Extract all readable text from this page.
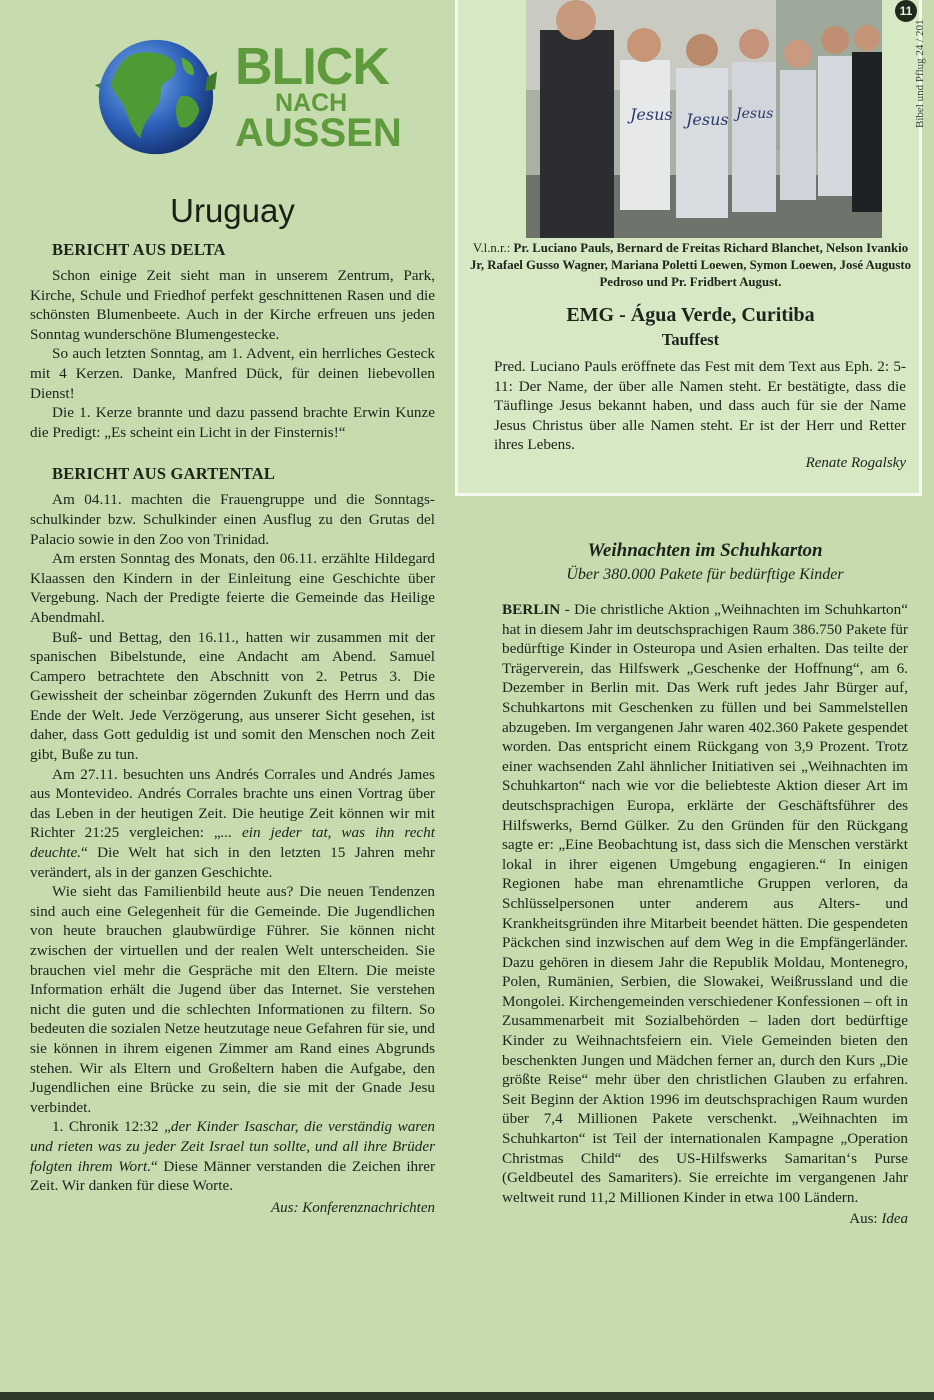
BLICK
NACH
AUSSEN
Uruguay
BERICHT AUS DELTA

Schon einige Zeit sieht man in unserem Zentrum, Park, Kirche, Schule und Friedhof perfekt geschnittenen Rasen und die schönsten Blumenbeete. Auch in der Kirche erfreuen uns jeden Sonntag wunderschöne Blumengestecke.

So auch letzten Sonntag, am 1. Advent, ein herrliches Gesteck mit 4 Kerzen. Danke, Manfred Dück, für deinen liebevollen Dienst!

Die 1. Kerze brannte und dazu passend brachte Erwin Kunze die Predigt: „Es scheint ein Licht in der Finsternis!“

BERICHT AUS GARTENTAL

Am 04.11. machten die Frauengruppe und die Sonntags-schulkinder bzw. Schulkinder einen Ausflug zu den Grutas del Palacio sowie in den Zoo von Trinidad.

Am ersten Sonntag des Monats, den 06.11. erzählte Hildegard Klaassen den Kindern in der Einleitung eine Geschichte über Vergebung. Nach der Predigte feierte die Gemeinde das Heilige Abendmahl.

Buß- und Bettag, den 16.11., hatten wir zusammen mit der spanischen Bibelstunde, eine Andacht am Abend. Samuel Campero betrachtete den Abschnitt von 2. Petrus 3. Die Gewissheit der scheinbar zögernden Zukunft des Herrn und das Ende der Welt. Jede Verzögerung, aus unserer Sicht gesehen, ist daher, dass Gott geduldig ist und somit den Menschen noch Zeit gibt, Buße zu tun.

Am 27.11. besuchten uns Andrés Corrales und Andrés James aus Montevideo. Andrés Corrales brachte uns einen Vortrag über das Leben in der heutigen Zeit. Die heutige Zeit können wir mit Richter 21:25 vergleichen: „... ein jeder tat, was ihn recht deuchte.“ Die Welt hat sich in den letzten 15 Jahren mehr verändert, als in der ganzen Geschichte.

Wie sieht das Familienbild heute aus? Die neuen Tendenzen sind auch eine Gelegenheit für die Gemeinde. Die Jugendlichen von heute brauchen glaubwürdige Führer. Sie können nicht zwischen der virtuellen und der realen Welt unterscheiden. Sie brauchen viel mehr die Gespräche mit den Eltern. Die meiste Information erhält die Jugend über das Internet. Sie verstehen nicht die guten und die schlechten Informationen zu filtern. So bedeuten die sozialen Netze heutzutage neue Gefahren für sie, und sie können in ihrem eigenen Zimmer am Rand eines Abgrunds stehen. Wir als Eltern und Großeltern haben die Aufgabe, den Jugendlichen eine Brücke zu sein, die sie mit der Gnade Jesu verbindet.

1. Chronik 12:32 „der Kinder Isaschar, die verständig waren und rieten was zu jeder Zeit Israel tun sollte, und all ihre Brüder folgten ihrem Wort.“ Diese Männer verstanden die Zeichen ihrer Zeit. Wir danken für diese Worte.

Aus: Konferenznachrichten
Jesus Jesus Jesus
V.l.n.r.: Pr. Luciano Pauls, Bernard de Freitas Richard Blanchet, Nelson Ivankio Jr, Rafael Gusso Wagner, Mariana Poletti Loewen, Symon Loewen, José Augusto Pedroso und Pr. Fridbert August.
EMG - Água Verde, Curitiba
Tauffest

Pred. Luciano Pauls eröffnete das Fest mit dem Text aus Eph. 2: 5-11: Der Name, der über alle Namen steht. Er bestätigte, dass die Täuflinge Jesus bekannt haben, und dass auch für sie der Name Jesus Christus über alle Namen steht. Er ist der Herr und Retter ihres Lebens.

Renate Rogalsky
11
Bibel und Pflug 24 / 201
Weihnachten im Schuhkarton
Über 380.000 Pakete für bedürftige Kinder

BERLIN - Die christliche Aktion „Weihnachten im Schuhkarton“ hat in diesem Jahr im deutschsprachigen Raum 386.750 Pakete für bedürftige Kinder in Osteuropa und Asien erhalten. Das teilte der Trägerverein, das Hilfswerk „Geschenke der Hoffnung“, am 6. Dezember in Berlin mit. Das Werk ruft jedes Jahr Bürger auf, Schuhkartons mit Geschenken zu füllen und bei Sammelstellen abzugeben. Im vergangenen Jahr waren 402.360 Pakete gespendet worden. Das entspricht einem Rückgang von 3,9 Prozent. Trotz einer wachsenden Zahl ähnlicher Initiativen sei „Weihnachten im Schuhkarton“ nach wie vor die beliebteste Aktion dieser Art im deutschsprachigen Europa, erklärte der Geschäftsführer des Hilfswerks, Bernd Gülker. Zu den Gründen für den Rückgang sagte er: „Eine Beobachtung ist, dass sich die Menschen verstärkt lokal in ihrer eigenen Umgebung engagieren.“ In einigen Regionen habe man ehrenamtliche Gruppen verloren, da Schlüsselpersonen unter anderem aus Alters- und Krankheitsgründen ihre Mitarbeit beendet hätten. Die gespendeten Päckchen sind inzwischen auf dem Weg in die Empfängerländer. Dazu gehören in diesem Jahr die Republik Moldau, Montenegro, Polen, Rumänien, Serbien, die Slowakei, Weißrussland und die Mongolei. Kirchengemeinden verschiedener Konfessionen – oft in Zusammenarbeit mit Sozialbehörden – laden dort bedürftige Kinder zu Weihnachtsfeiern ein. Viele Gemeinden bieten den beschenkten Jungen und Mädchen ferner an, durch den Kurs „Die größte Reise“ mehr über den christlichen Glauben zu erfahren. Seit Beginn der Aktion 1996 im deutschsprachigen Raum wurden über 7,4 Millionen Pakete verschenkt. „Weihnachten im Schuhkarton“ ist Teil der internationalen Kampagne „Operation Christmas Child“ des US-Hilfswerks Samaritan‘s Purse (Geldbeutel des Samariters). Sie erreichte im vergangenen Jahr weltweit rund 11,2 Millionen Kinder in etwa 100 Ländern.

Aus: Idea
